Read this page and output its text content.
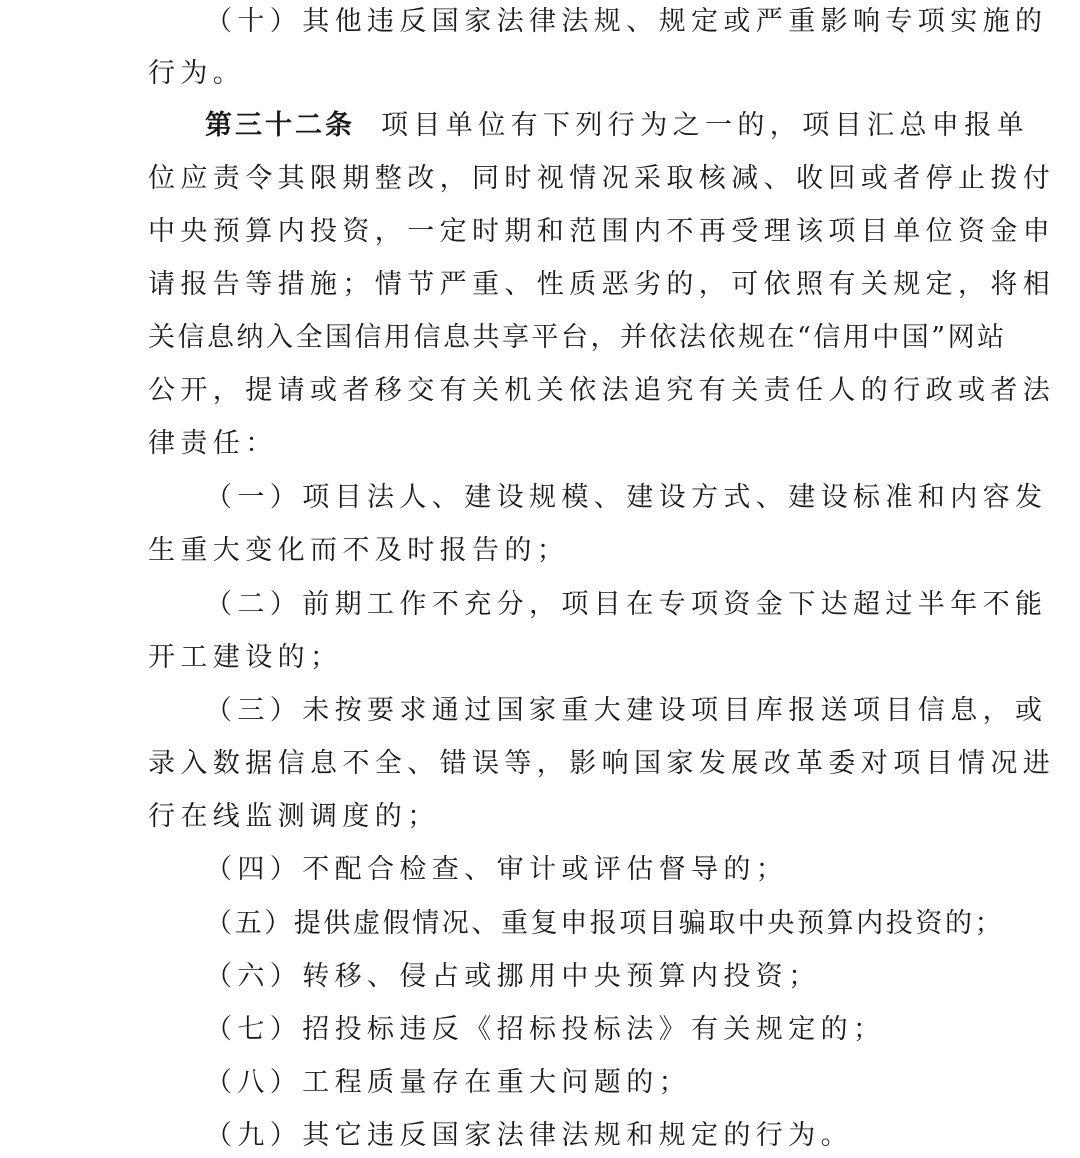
（十）其他违反国家法律法规、规定或严重影响专项实施的
行为。
第三十二条 项目单位有下列行为之一的，项目汇总申报单
位应责令其限期整改，同时视情况采取核减、收回或者停止拨付
中央预算内投资，一定时期和范围内不再受理该项目单位资金申
请报告等措施；情节严重、性质恶劣的，可依照有关规定，将相
关信息纳入全国信用信息共享平台，并依法依规在“信用中国”网站
公开，提请或者移交有关机关依法追究有关责任人的行政或者法
律责任：
（一）项目法人、建设规模、建设方式、建设标准和内容发
生重大变化而不及时报告的；
（二）前期工作不充分，项目在专项资金下达超过半年不能
开工建设的；
（三）未按要求通过国家重大建设项目库报送项目信息，或
录入数据信息不全、错误等，影响国家发展改革委对项目情况进
行在线监测调度的；
（四）不配合检查、审计或评估督导的；
（五）提供虚假情况、重复申报项目骗取中央预算内投资的；
（六）转移、侵占或挪用中央预算内投资；
（七）招投标违反《招标投标法》有关规定的；
（八）工程质量存在重大问题的；
（九）其它违反国家法律法规和规定的行为。
